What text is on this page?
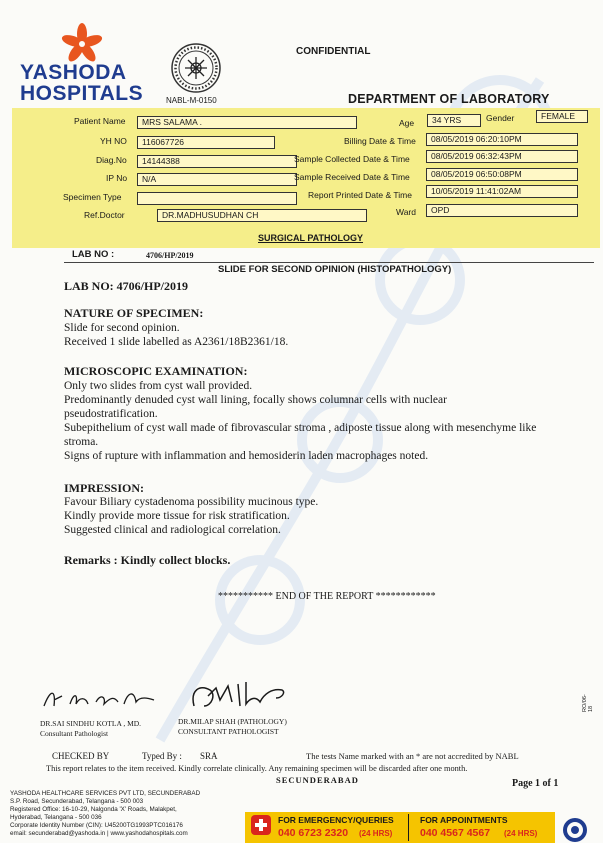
YASHODA
HOSPITALS	NABL-M-0150
CONFIDENTIAL
DEPARTMENT OF LABORATORY
Patient Name	MRS SALAMA .
YH NO	116067726
Diag.No	14144388
IP No	N/A
Specimen Type
Ref.Doctor	DR.MADHUSUDHAN CH
Age	34 YRS	Gender	FEMALE
Billing Date & Time	08/05/2019 06:20:10PM
Sample Collected Date & Time	08/05/2019 06:32:43PM
Sample Received Date & Time	08/05/2019 06:50:08PM
Report Printed Date & Time	10/05/2019 11:41:02AM
Ward	OPD
SURGICAL PATHOLOGY
LAB NO :	4706/HP/2019
SLIDE FOR SECOND OPINION (HISTOPATHOLOGY)
LAB NO: 4706/HP/2019
NATURE OF SPECIMEN:
Slide for second opinion.
Received 1 slide labelled as A2361/18B2361/18.
MICROSCOPIC EXAMINATION:
Only two slides from cyst wall provided.
Predominantly denuded cyst wall lining, focally shows columnar cells with nuclear
pseudostratification.
Subepithelium of cyst wall made of fibrovascular stroma , adiposte tissue along with mesenchyme like
stroma.
Signs of rupture with inflammation and hemosiderin laden macrophages noted.
IMPRESSION:
Favour Biliary cystadenoma possibility mucinous type.
Kindly provide more tissue for risk stratification.
Suggested clinical and radiological correlation.
Remarks : Kindly collect blocks.
*********** END OF THE REPORT ************
DR.SAI SINDHU KOTLA , MD.
Consultant Pathologist
DR.MILAP SHAH (PATHOLOGY)
CONSULTANT PATHOLOGIST
RO/06-18
CHECKED BY	Typed By : SRA	The tests Name marked with an * are not accredited by NABL
This report relates to the item received. Kindly correlate clinically. Any remaining specimen will be discarded after one month.
SECUNDERABAD	Page 1 of 1
YASHODA HEALTHCARE SERVICES PVT LTD, SECUNDERABAD
S.P. Road, Secunderabad, Telangana - 500 003
Registered Office: 16-10-29, Nalgonda 'X' Roads, Malakpet,
Hyderabad, Telangana - 500 036
Corporate Identity Number (CIN): U45200TG1993PTC016176
email: secunderabad@yashoda.in | www.yashodahospitals.com
FOR EMERGENCY/QUERIES
040 6723 2320 (24 HRS)
FOR APPOINTMENTS
040 4567 4567 (24 HRS)
